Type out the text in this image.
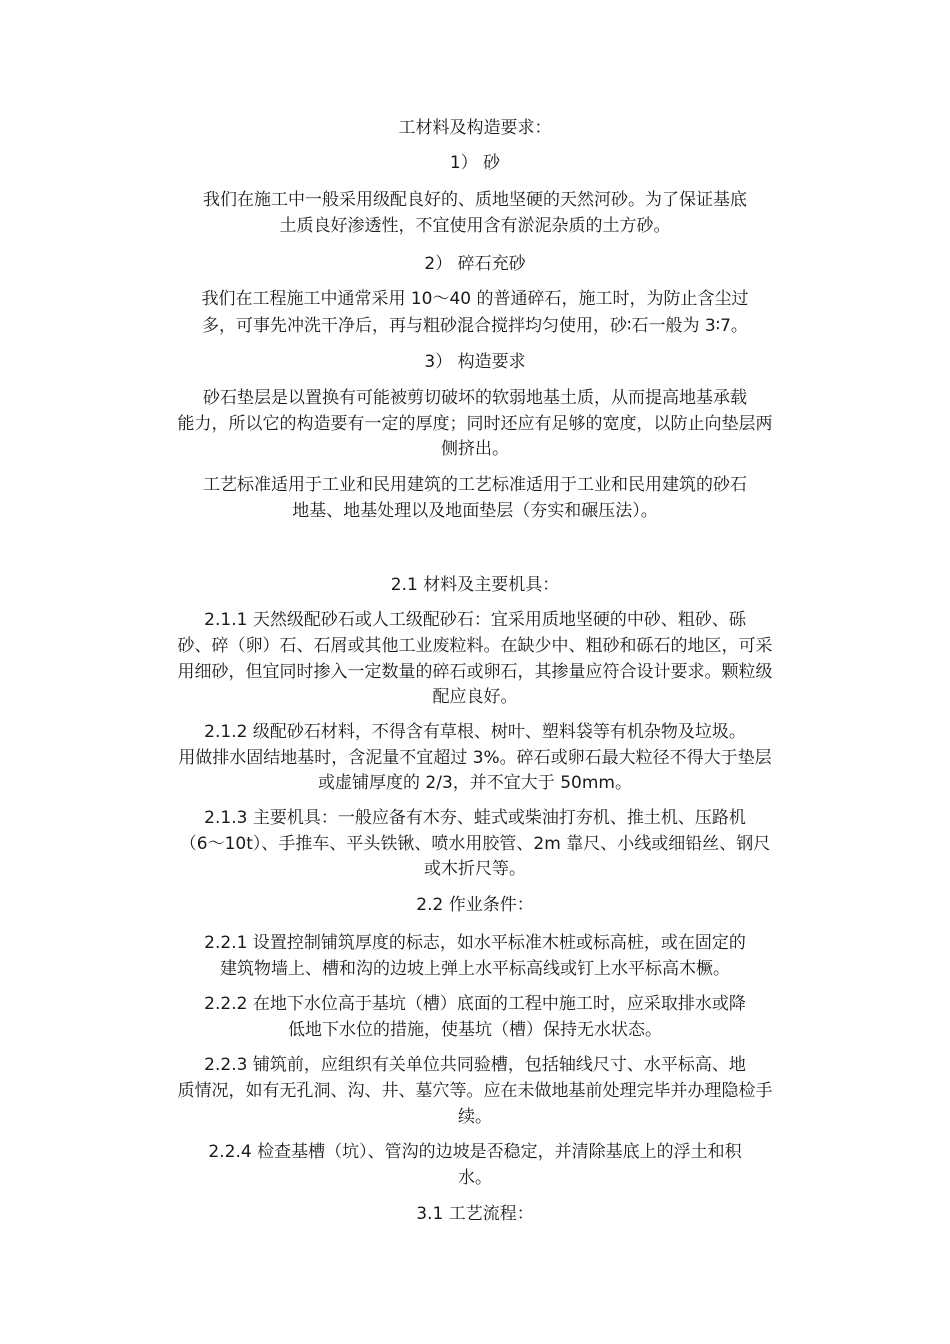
工材料及构造要求：
1） 砂
我们在施工中一般采用级配良好的、质地坚硬的天然河砂。为了保证基底
土质良好渗透性，不宜使用含有淤泥杂质的土方砂。
2） 碎石充砂
我们在工程施工中通常采用 10～40 的普通碎石，施工时，为防止含尘过
多，可事先冲洗干净后，再与粗砂混合搅拌均匀使用，砂∶石一般为 3∶7。
3） 构造要求
砂石垫层是以置换有可能被剪切破坏的软弱地基土质，从而提高地基承载
能力，所以它的构造要有一定的厚度；同时还应有足够的宽度，以防止向垫层两
侧挤出。
工艺标准适用于工业和民用建筑的工艺标准适用于工业和民用建筑的砂石
地基、地基处理以及地面垫层（夯实和碾压法）。
2.1 材料及主要机具：
2.1.1 天然级配砂石或人工级配砂石：宜采用质地坚硬的中砂、粗砂、砾
砂、碎（卵）石、石屑或其他工业废粒料。在缺少中、粗砂和砾石的地区，可采
用细砂，但宜同时掺入一定数量的碎石或卵石，其掺量应符合设计要求。颗粒级
配应良好。
2.1.2 级配砂石材料，不得含有草根、树叶、塑料袋等有机杂物及垃圾。
用做排水固结地基时，含泥量不宜超过 3%。碎石或卵石最大粒径不得大于垫层
或虚铺厚度的 2/3，并不宜大于 50mm。
2.1.3 主要机具：一般应备有木夯、蛙式或柴油打夯机、推土机、压路机
（6～10t）、手推车、平头铁锹、喷水用胶管、2m 靠尺、小线或细铅丝、钢尺
或木折尺等。
2.2 作业条件：
2.2.1 设置控制铺筑厚度的标志，如水平标准木桩或标高桩，或在固定的
建筑物墙上、槽和沟的边坡上弹上水平标高线或钉上水平标高木橛。
2.2.2 在地下水位高于基坑（槽）底面的工程中施工时，应采取排水或降
低地下水位的措施，使基坑（槽）保持无水状态。
2.2.3 铺筑前，应组织有关单位共同验槽，包括轴线尺寸、水平标高、地
质情况，如有无孔洞、沟、井、墓穴等。应在未做地基前处理完毕并办理隐检手
续。
2.2.4 检查基槽（坑）、管沟的边坡是否稳定，并清除基底上的浮土和积
水。
3.1 工艺流程：
